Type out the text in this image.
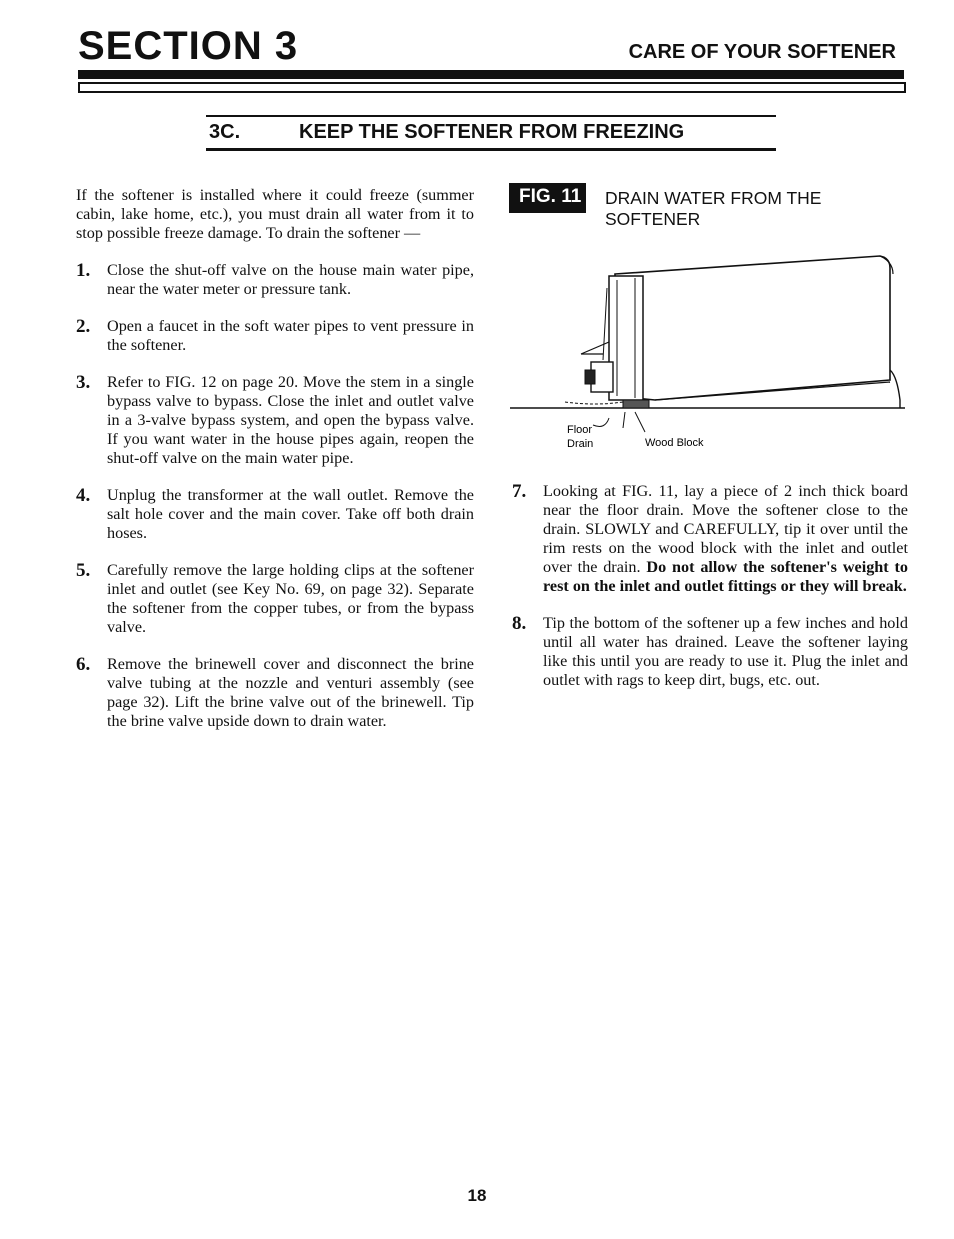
SECTION 3	CARE OF YOUR SOFTENER
3C.	KEEP THE SOFTENER FROM FREEZING

If the softener is installed where it could freeze (summer cabin, lake home, etc.), you must drain all water from it to stop possible freeze damage. To drain the softener —

1. Close the shut-off valve on the house main water pipe, near the water meter or pressure tank.
2. Open a faucet in the soft water pipes to vent pressure in the softener.
3. Refer to FIG. 12 on page 20. Move the stem in a single bypass valve to bypass. Close the inlet and outlet valve in a 3-valve bypass system, and open the bypass valve. If you want water in the house pipes again, reopen the shut-off valve on the main water pipe.
4. Unplug the transformer at the wall outlet. Remove the salt hole cover and the main cover. Take off both drain hoses.
5. Carefully remove the large holding clips at the softener inlet and outlet (see Key No. 69, on page 32). Separate the softener from the copper tubes, or from the bypass valve.
6. Remove the brinewell cover and disconnect the brine valve tubing at the nozzle and venturi assembly (see page 32). Lift the brine valve out of the brinewell. Tip the brine valve upside down to drain water.
FIG. 11 DRAIN WATER FROM THE SOFTENER
Floor
Drain	Wood Block
7. Looking at FIG. 11, lay a piece of 2 inch thick board near the floor drain. Move the softener close to the drain. SLOWLY and CAREFULLY, tip it over until the rim rests on the wood block with the inlet and outlet over the drain. Do not allow the softener's weight to rest on the inlet and outlet fittings or they will break.
8. Tip the bottom of the softener up a few inches and hold until all water has drained. Leave the softener laying like this until you are ready to use it. Plug the inlet and outlet with rags to keep dirt, bugs, etc. out.
18
